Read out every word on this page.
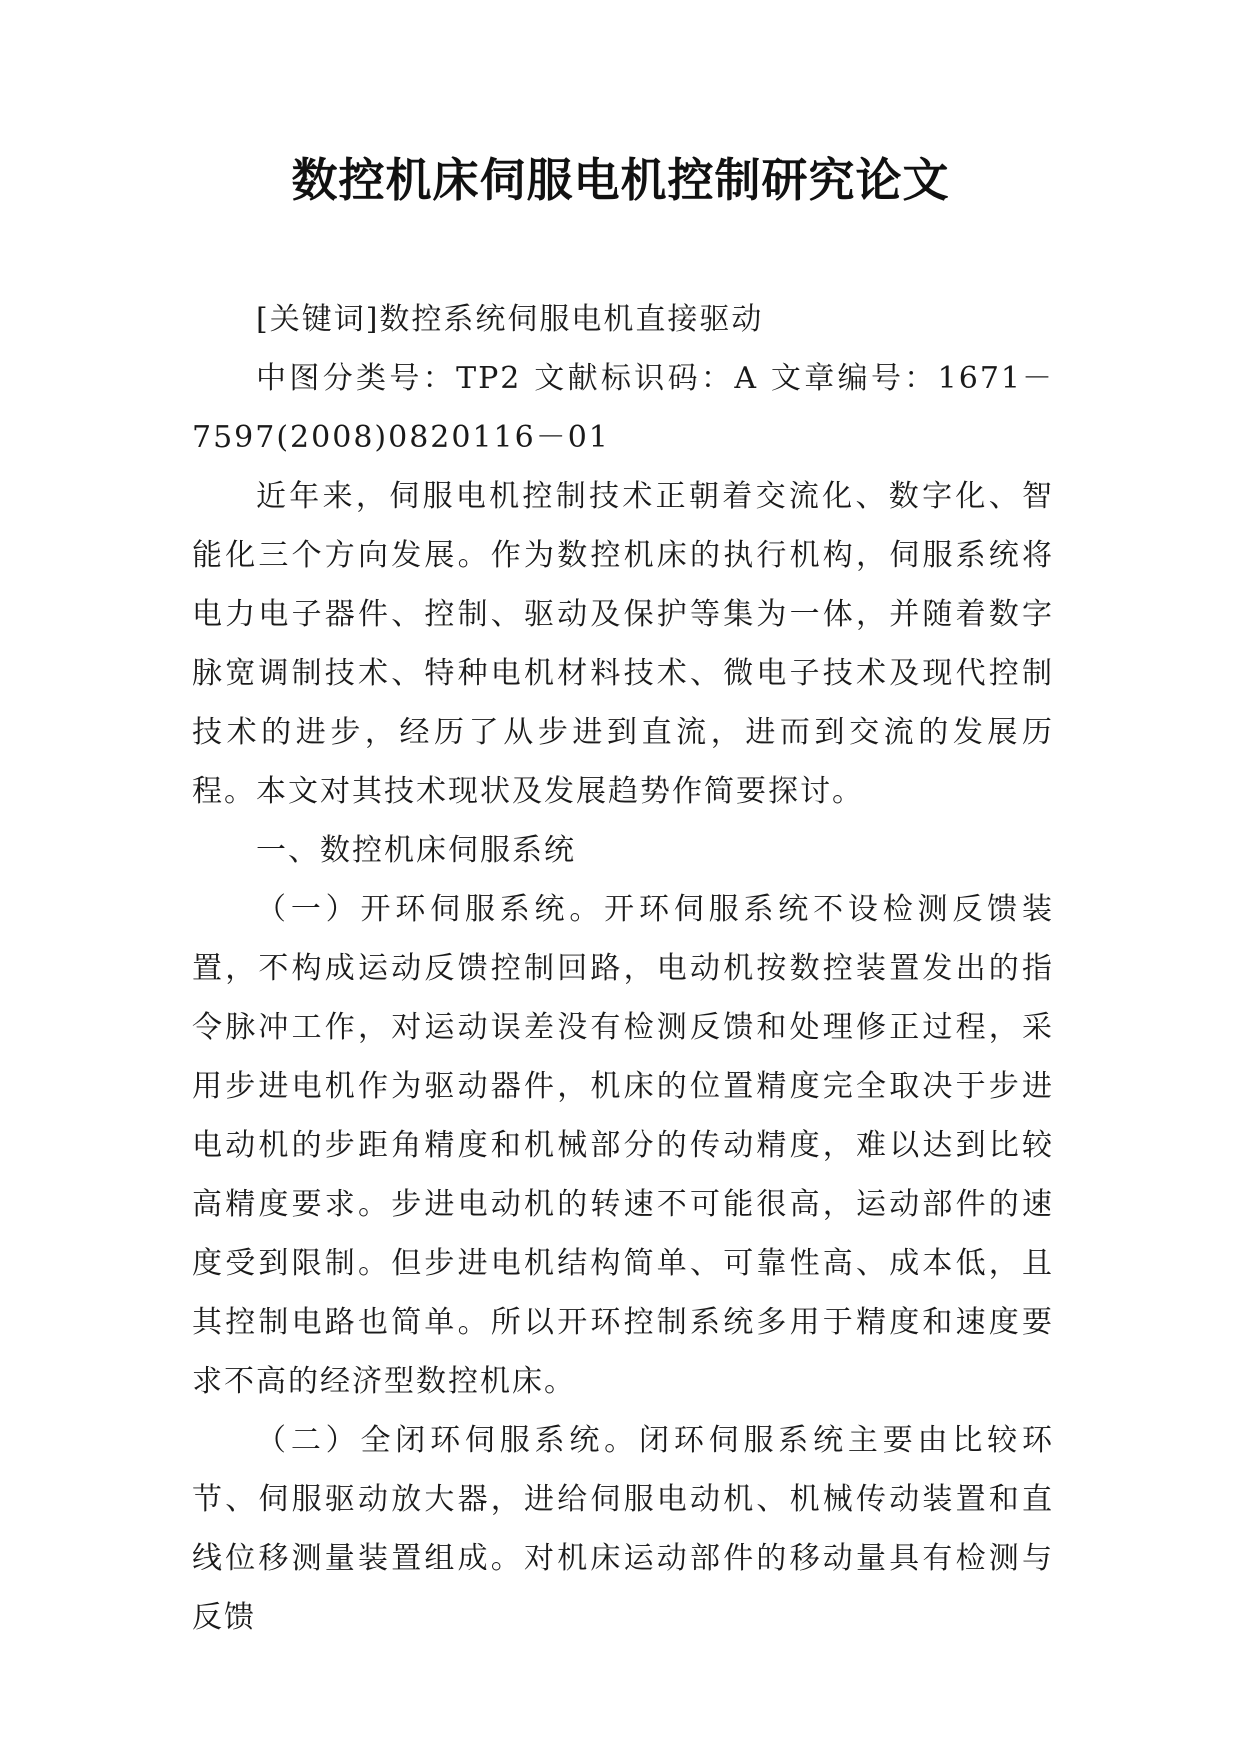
数控机床伺服电机控制研究论文

[关键词]数控系统伺服电机直接驱动

中图分类号：TP2 文献标识码：A 文章编号：1671－7597(2008)0820116－01

近年来，伺服电机控制技术正朝着交流化、数字化、智能化三个方向发展。作为数控机床的执行机构，伺服系统将电力电子器件、控制、驱动及保护等集为一体，并随着数字脉宽调制技术、特种电机材料技术、微电子技术及现代控制技术的进步，经历了从步进到直流，进而到交流的发展历程。本文对其技术现状及发展趋势作简要探讨。

一、数控机床伺服系统

（一）开环伺服系统。开环伺服系统不设检测反馈装置，不构成运动反馈控制回路，电动机按数控装置发出的指令脉冲工作，对运动误差没有检测反馈和处理修正过程，采用步进电机作为驱动器件，机床的位置精度完全取决于步进电动机的步距角精度和机械部分的传动精度，难以达到比较高精度要求。步进电动机的转速不可能很高，运动部件的速度受到限制。但步进电机结构简单、可靠性高、成本低，且其控制电路也简单。所以开环控制系统多用于精度和速度要求不高的经济型数控机床。

（二）全闭环伺服系统。闭环伺服系统主要由比较环节、伺服驱动放大器，进给伺服电动机、机械传动装置和直线位移测量装置组成。对机床运动部件的移动量具有检测与反馈
